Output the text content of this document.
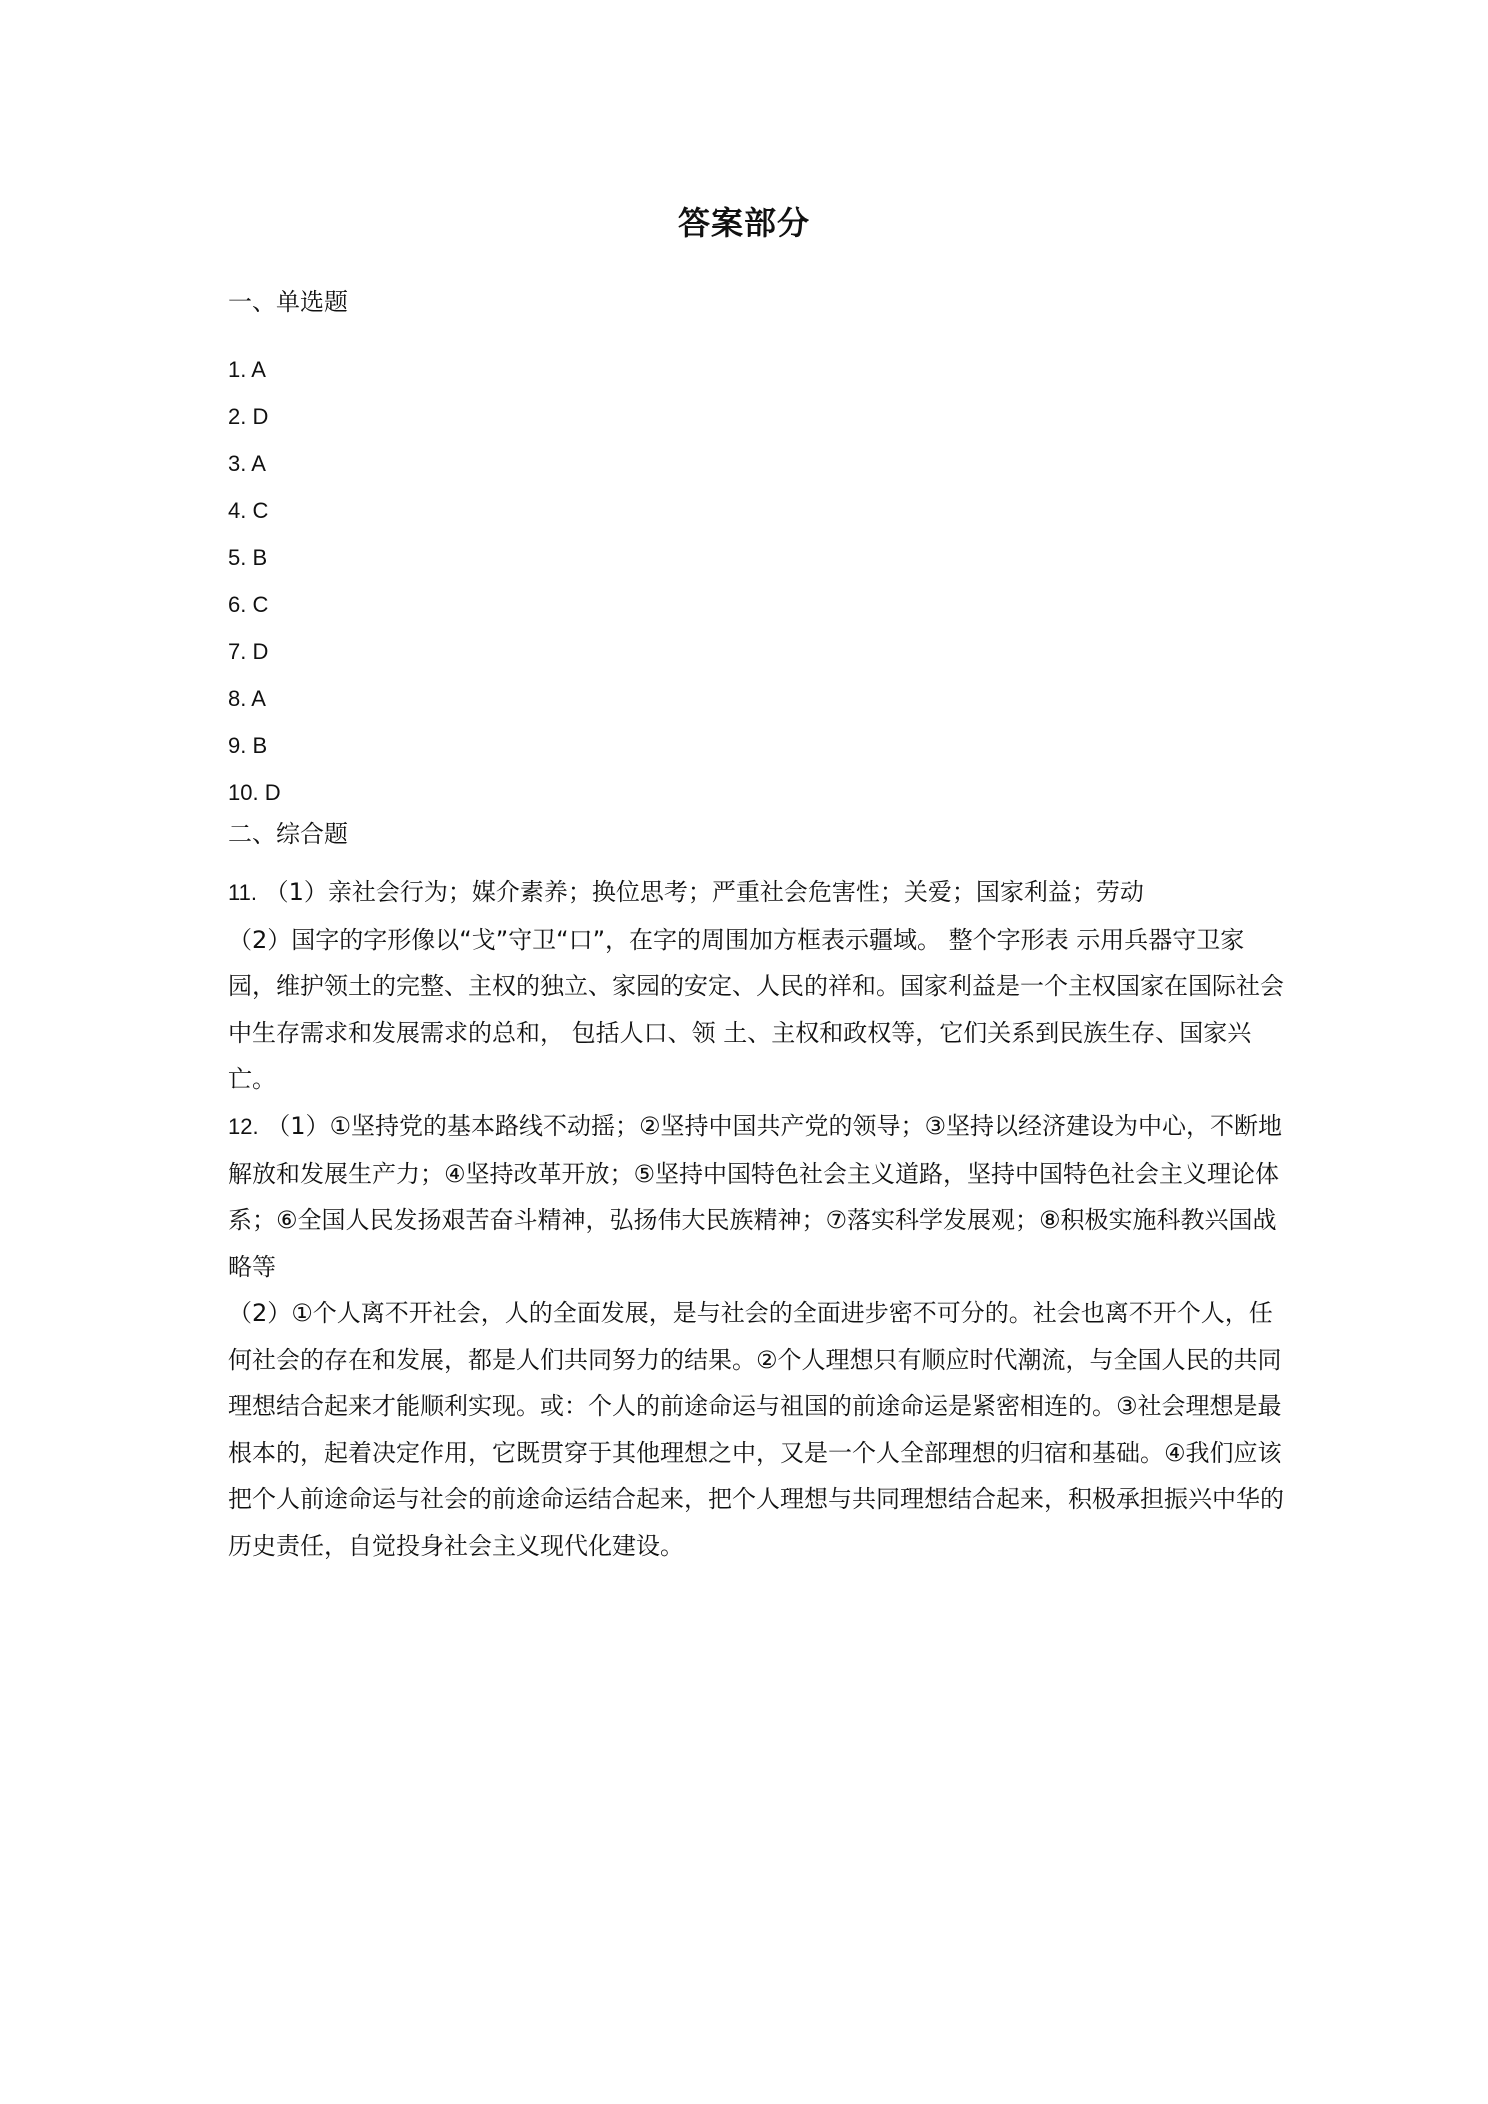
答案部分
一、单选题
1. A
2. D
3. A
4. C
5. B
6. C
7. D
8. A
9. B
10. D
二、综合题

11. （1）亲社会行为；媒介素养；换位思考；严重社会危害性；关爱；国家利益；劳动

（2）国字的字形像以“戈”守卫“口”，在字的周围加方框表示疆域。 整个字形表 示用兵器守卫家园，维护领土的完整、主权的独立、家园的安定、人民的祥和。国家利益是一个主权国家在国际社会中生存需求和发展需求的总和， 包括人口、领 土、主权和政权等，它们关系到民族生存、国家兴亡。

12. （1）①坚持党的基本路线不动摇；②坚持中国共产党的领导；③坚持以经济建设为中心，不断地解放和发展生产力；④坚持改革开放；⑤坚持中国特色社会主义道路，坚持中国特色社会主义理论体系；⑥全国人民发扬艰苦奋斗精神，弘扬伟大民族精神；⑦落实科学发展观；⑧积极实施科教兴国战略等

（2）①个人离不开社会，人的全面发展，是与社会的全面进步密不可分的。社会也离不开个人，任何社会的存在和发展，都是人们共同努力的结果。②个人理想只有顺应时代潮流，与全国人民的共同理想结合起来才能顺利实现。或：个人的前途命运与祖国的前途命运是紧密相连的。③社会理想是最根本的，起着决定作用，它既贯穿于其他理想之中，又是一个人全部理想的归宿和基础。④我们应该把个人前途命运与社会的前途命运结合起来，把个人理想与共同理想结合起来，积极承担振兴中华的历史责任，自觉投身社会主义现代化建设。
